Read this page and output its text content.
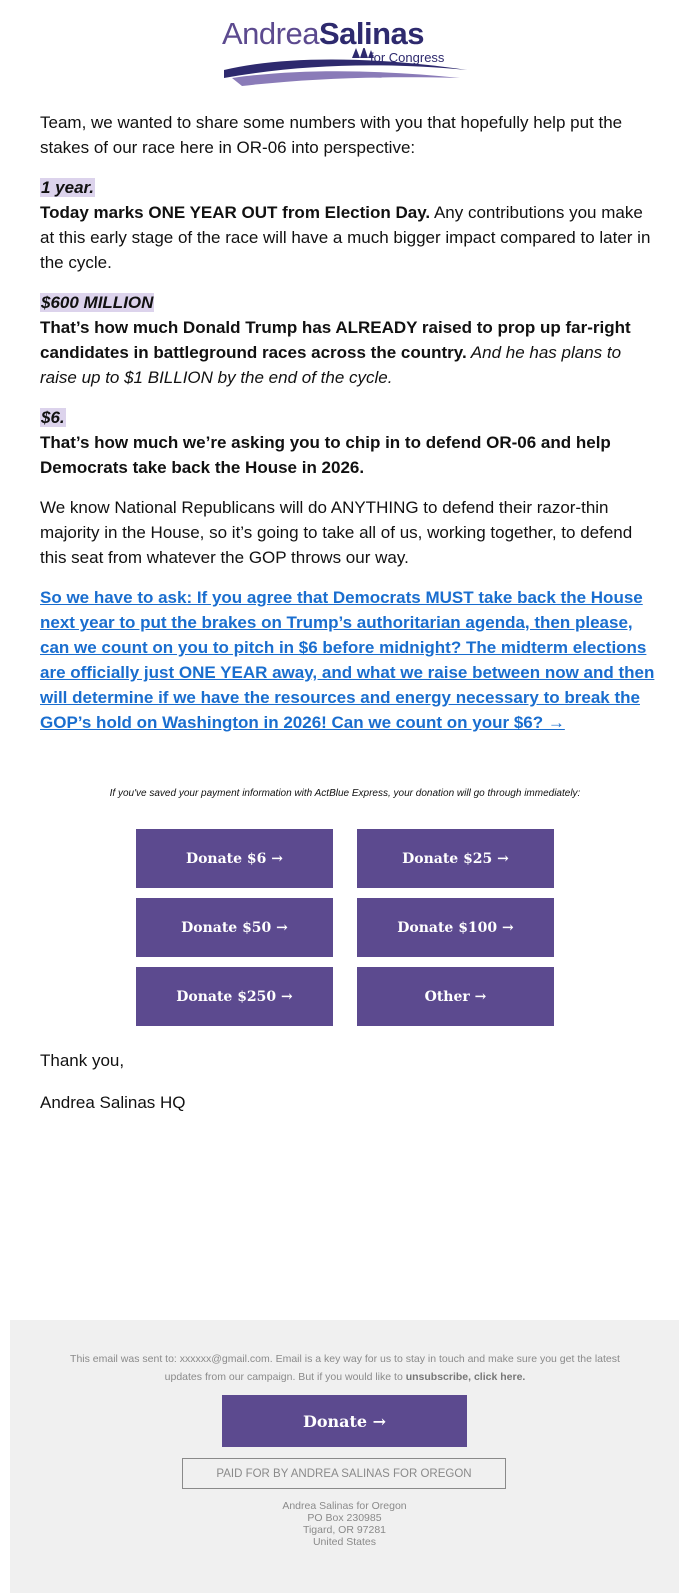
AndreaSalinas
for Congress

Team, we wanted to share some numbers with you that hopefully help put the stakes of our race here in OR-06 into perspective:

1 year.

Today marks ONE YEAR OUT from Election Day. Any contributions you make at this early stage of the race will have a much bigger impact compared to later in the cycle.

$600 MILLION

That’s how much Donald Trump has ALREADY raised to prop up far-right candidates in battleground races across the country. And he has plans to raise up to $1 BILLION by the end of the cycle.

$6.

That’s how much we’re asking you to chip in to defend OR-06 and help Democrats take back the House in 2026.

We know National Republicans will do ANYTHING to defend their razor-thin majority in the House, so it’s going to take all of us, working together, to defend this seat from whatever the GOP throws our way.

So we have to ask: If you agree that Democrats MUST take back the House next year to put the brakes on Trump’s authoritarian agenda, then please, can we count on you to pitch in $6 before midnight? The midterm elections are officially just ONE YEAR away, and what we raise between now and then will determine if we have the resources and energy necessary to break the GOP’s hold on Washington in 2026! Can we count on your $6? →

If you've saved your payment information with ActBlue Express, your donation will go through immediately:
Donate $6 →	Donate $25 →
Donate $50 →	Donate $100 →
Donate $250 →	Other →

Thank you,

Andrea Salinas HQ

This email was sent to: xxxxxx@gmail.com. Email is a key way for us to stay in touch and make sure you get the latest updates from our campaign. But if you would like to unsubscribe, click here.
Donate →
PAID FOR BY ANDREA SALINAS FOR OREGON
Andrea Salinas for Oregon
PO Box 230985
Tigard, OR 97281
United States
